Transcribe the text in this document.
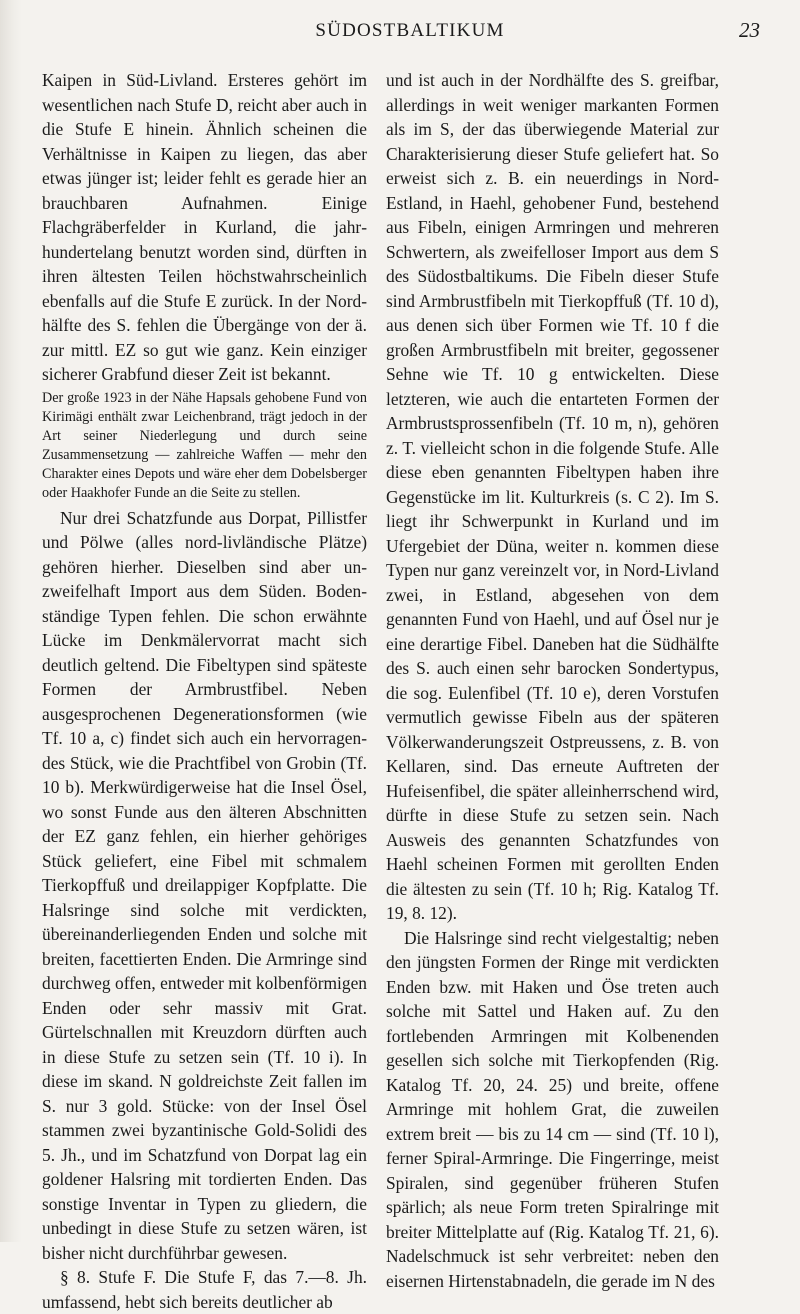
SÜDOSTBALTIKUM	23

Kaipen in Süd-Livland. Ersteres gehört im wesentlichen nach Stufe D, reicht aber auch in die Stufe E hinein. Ähnlich scheinen die Verhältnisse in Kaipen zu liegen, das aber etwas jünger ist; leider fehlt es gerade hier an brauchbaren Aufnahmen. Einige Flachgräberfelder in Kurland, die jahrhundertelang benutzt worden sind, dürften in ihren ältesten Teilen höchstwahrscheinlich ebenfalls auf die Stufe E zurück. In der Nordhälfte des S. fehlen die Übergänge von der ä. zur mittl. EZ so gut wie ganz. Kein einziger sicherer Grabfund dieser Zeit ist bekannt.

Der große 1923 in der Nähe Hapsals gehobene Fund von Kirimägi enthält zwar Leichenbrand, trägt jedoch in der Art seiner Niederlegung und durch seine Zusammensetzung — zahlreiche Waffen — mehr den Charakter eines Depots und wäre eher dem Dobelsberger oder Haakhofer Funde an die Seite zu stellen.

Nur drei Schatzfunde aus Dorpat, Pillistfer und Pölwe (alles nord-livländische Plätze) gehören hierher. Dieselben sind aber unzweifelhaft Import aus dem Süden. Bodenständige Typen fehlen. Die schon erwähnte Lücke im Denkmälervorrat macht sich deutlich geltend. Die Fibeltypen sind späteste Formen der Armbrustfibel. Neben ausgesprochenen Degenerationsformen (wie Tf. 10 a, c) findet sich auch ein hervorragendes Stück, wie die Prachtfibel von Grobin (Tf. 10 b). Merkwürdigerweise hat die Insel Ösel, wo sonst Funde aus den älteren Abschnitten der EZ ganz fehlen, ein hierher gehöriges Stück geliefert, eine Fibel mit schmalem Tierkopffuß und dreilappiger Kopfplatte. Die Halsringe sind solche mit verdickten, übereinanderliegenden Enden und solche mit breiten, facettierten Enden. Die Armringe sind durchweg offen, entweder mit kolbenförmigen Enden oder sehr massiv mit Grat. Gürtelschnallen mit Kreuzdorn dürften auch in diese Stufe zu setzen sein (Tf. 10 i). In diese im skand. N goldreichste Zeit fallen im S. nur 3 gold. Stücke: von der Insel Ösel stammen zwei byzantinische Gold-Solidi des 5. Jh., und im Schatzfund von Dorpat lag ein goldener Halsring mit tordierten Enden. Das sonstige Inventar in Typen zu gliedern, die unbedingt in diese Stufe zu setzen wären, ist bisher nicht durchführbar gewesen.

§ 8. Stufe F. Die Stufe F, das 7.—8. Jh. umfassend, hebt sich bereits deutlicher ab

und ist auch in der Nordhälfte des S. greifbar, allerdings in weit weniger markanten Formen als im S, der das überwiegende Material zur Charakterisierung dieser Stufe geliefert hat. So erweist sich z. B. ein neuerdings in Nord-Estland, in Haehl, gehobener Fund, bestehend aus Fibeln, einigen Armringen und mehreren Schwertern, als zweifelloser Import aus dem S des Südostbaltikums. Die Fibeln dieser Stufe sind Armbrustfibeln mit Tierkopffuß (Tf. 10 d), aus denen sich über Formen wie Tf. 10 f die großen Armbrustfibeln mit breiter, gegossener Sehne wie Tf. 10 g entwickelten. Diese letzteren, wie auch die entarteten Formen der Armbrustsprossenfibeln (Tf. 10 m, n), gehören z. T. vielleicht schon in die folgende Stufe. Alle diese eben genannten Fibeltypen haben ihre Gegenstücke im lit. Kulturkreis (s. C 2). Im S. liegt ihr Schwerpunkt in Kurland und im Ufergebiet der Düna, weiter n. kommen diese Typen nur ganz vereinzelt vor, in Nord-Livland zwei, in Estland, abgesehen von dem genannten Fund von Haehl, und auf Ösel nur je eine derartige Fibel. Daneben hat die Südhälfte des S. auch einen sehr barocken Sondertypus, die sog. Eulenfibel (Tf. 10 e), deren Vorstufen vermutlich gewisse Fibeln aus der späteren Völkerwanderungszeit Ostpreussens, z. B. von Kellaren, sind. Das erneute Auftreten der Hufeisenfibel, die später alleinherrschend wird, dürfte in diese Stufe zu setzen sein. Nach Ausweis des genannten Schatzfundes von Haehl scheinen Formen mit gerollten Enden die ältesten zu sein (Tf. 10 h; Rig. Katalog Tf. 19, 8. 12).

Die Halsringe sind recht vielgestaltig; neben den jüngsten Formen der Ringe mit verdickten Enden bzw. mit Haken und Öse treten auch solche mit Sattel und Haken auf. Zu den fortlebenden Armringen mit Kolbenenden gesellen sich solche mit Tierkopfenden (Rig. Katalog Tf. 20, 24. 25) und breite, offene Armringe mit hohlem Grat, die zuweilen extrem breit — bis zu 14 cm — sind (Tf. 10 l), ferner Spiral-Armringe. Die Fingerringe, meist Spiralen, sind gegenüber früheren Stufen spärlich; als neue Form treten Spiralringe mit breiter Mittelplatte auf (Rig. Katalog Tf. 21, 6). Nadelschmuck ist sehr verbreitet: neben den eisernen Hirtenstabnadeln, die gerade im N des
